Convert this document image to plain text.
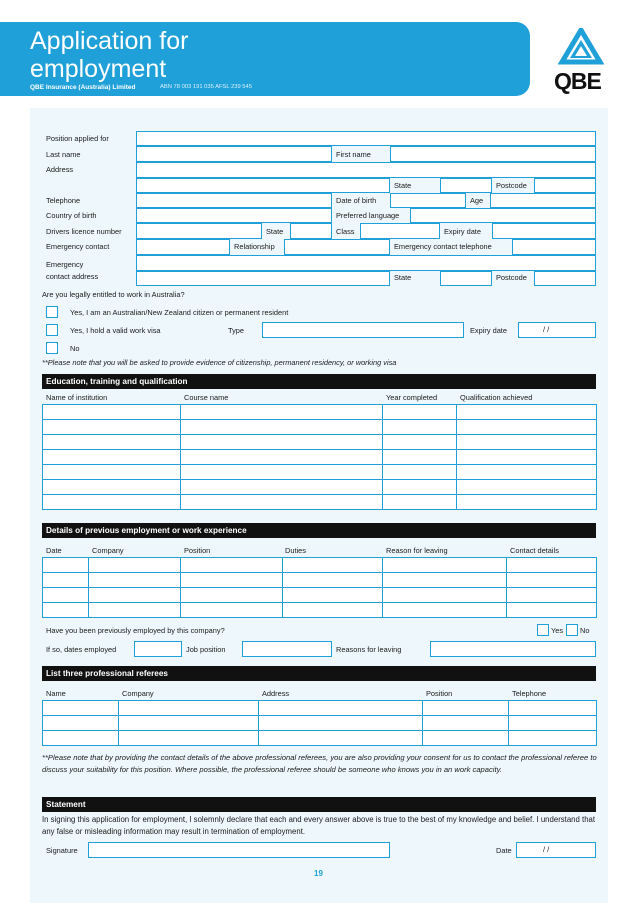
Application for
employment
QBE Insurance (Australia) Limited	ABN 78 003 191 035 AFSL 239 545	QBE
Position applied for
Last name	First name
Address
State	Postcode
Telephone	Date of birth	Age
Country of birth	Preferred language
Drivers licence number	State	Class	Expiry date
Emergency contact	Relationship	Emergency contact telephone
Emergency
contact address	State	Postcode
Are you legally entitled to work in Australia?
Yes, I am an Australian/New Zealand citizen or permanent resident
Yes, I hold a valid work visa	Type	Expiry date	/ /
No
**Please note that you will be asked to provide evidence of citizenship, permanent residency, or working visa
Education, training and qualification
Name of institution	Course name	Year completed	Qualification achieved

Details of previous employment or work experience
Date	Company	Position	Duties	Reason for leaving	Contact details

Have you been previously employed by this company?	Yes No
If so, dates employed	Job position	Reasons for leaving
List three professional referees
Name	Company	Address	Position	Telephone

**Please note that by providing the contact details of the above professional referees, you are also providing your consent for us to contact the professional referee to discuss your suitability for this position. Where possible, the professional referee should be someone who knows you in an work capacity.
Statement
In signing this application for employment, I solemnly declare that each and every answer above is true to the best of my knowledge and belief. I understand that any false or misleading information may result in termination of employment.
Signature	Date	/ /
19
